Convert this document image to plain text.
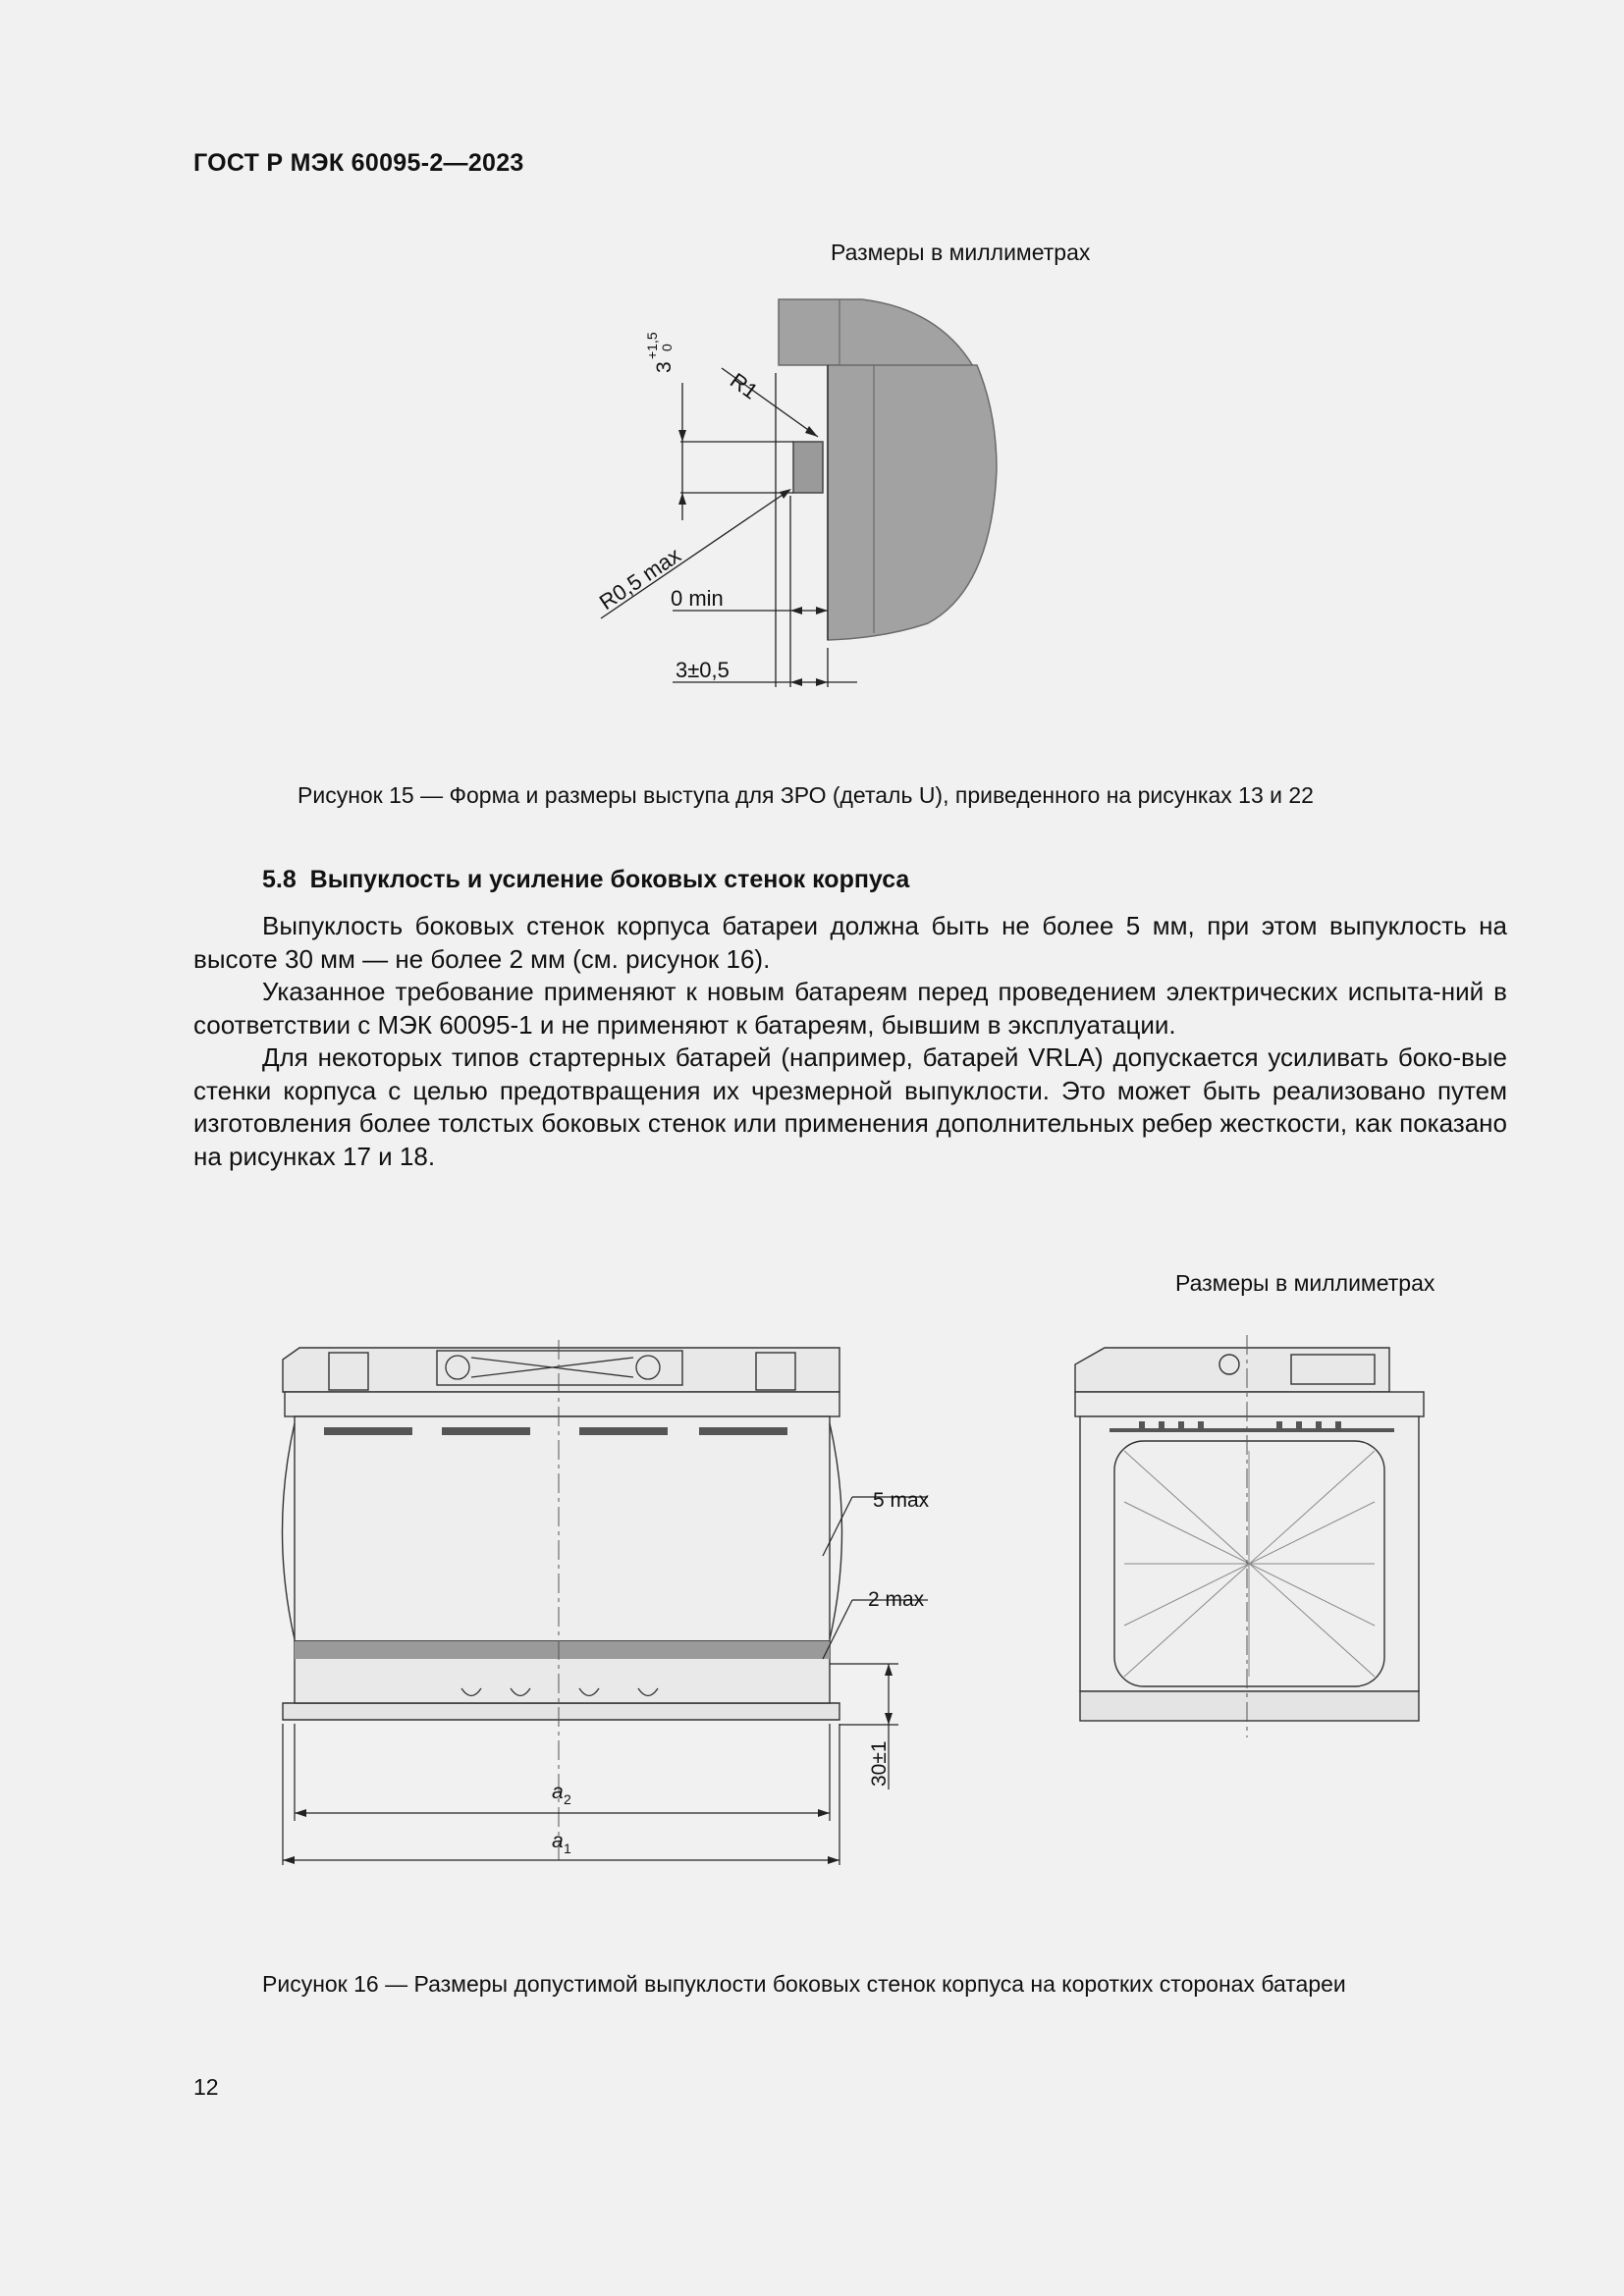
ГОСТ Р МЭК 60095-2—2023
Размеры в миллиметрах
3
+1,5 0
R1
R0,5 max
0 min
3±0,5
Рисунок 15 — Форма и размеры выступа для ЗРО (деталь U), приведенного на рисунках 13 и 22
5.8 Выпуклость и усиление боковых стенок корпуса

Выпуклость боковых стенок корпуса батареи должна быть не более 5 мм, при этом выпуклость на высоте 30 мм — не более 2 мм (см. рисунок 16).

Указанное требование применяют к новым батареям перед проведением электрических испыта-ний в соответствии с МЭК 60095-1 и не применяют к батареям, бывшим в эксплуатации.

Для некоторых типов стартерных батарей (например, батарей VRLA) допускается усиливать боко-вые стенки корпуса с целью предотвращения их чрезмерной выпуклости. Это может быть реализовано путем изготовления более толстых боковых стенок или применения дополнительных ребер жесткости, как показано на рисунках 17 и 18.

Размеры в миллиметрах
5 max
2 max
30±1
a 2
a 1
Рисунок 16 — Размеры допустимой выпуклости боковых стенок корпуса на коротких сторонах батареи
12
